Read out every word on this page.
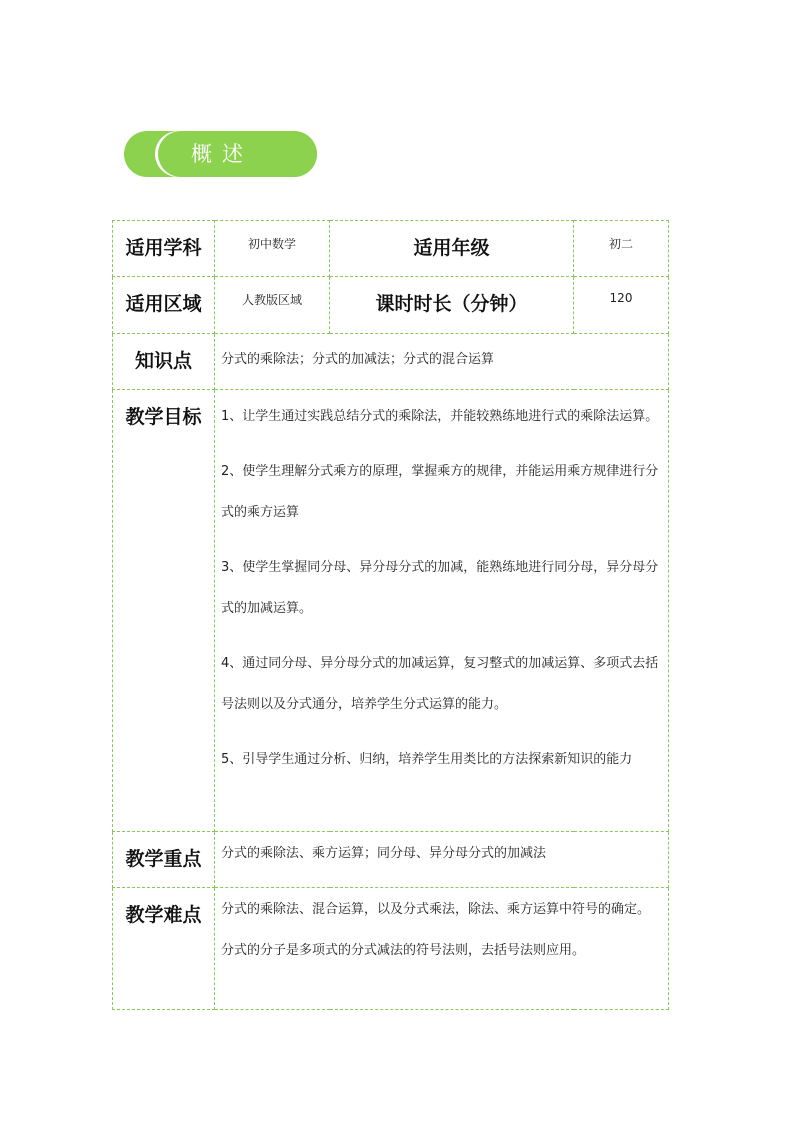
概述
适用学科	初中数学	适用年级	初二
适用区域	人教版区域	课时时长（分钟）	120
知识点	分式的乘除法；分式的加减法；分式的混合运算		
教学目标	1、让学生通过实践总结分式的乘除法，并能较熟练地进行式的乘除法运算。

2、使学生理解分式乘方的原理，掌握乘方的规律，并能运用乘方规律进行分式的乘方运算

3、使学生掌握同分母、异分母分式的加减，能熟练地进行同分母，异分母分式的加减运算。

4、通过同分母、异分母分式的加减运算，复习整式的加减运算、多项式去括号法则以及分式通分，培养学生分式运算的能力。

5、引导学生通过分析、归纳，培养学生用类比的方法探索新知识的能力		

教学重点	分式的乘除法、乘方运算；同分母、异分母分式的加减法		
教学难点	分式的乘除法、混合运算，以及分式乘法，除法、乘方运算中符号的确定。

分式的分子是多项式的分式减法的符号法则，去括号法则应用。		
